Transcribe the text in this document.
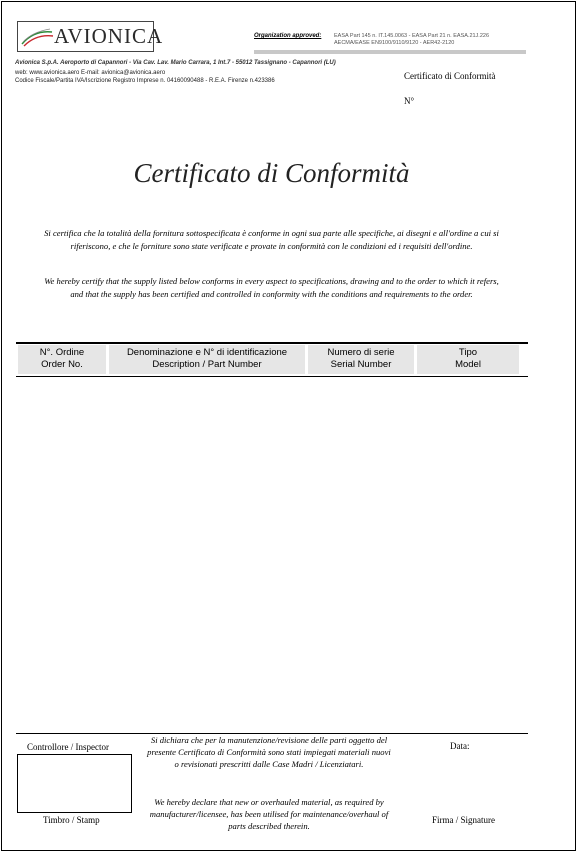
AVIONICA	Organization approved: EASA Part 145 n. IT.145.0063 - EASA Part 21 n. EASA.21J.226 AECMA/EASE EN9100/9110/9120 - AER42-2120
Avionica S.p.A. Aeroporto di Capannori - Via Cav. Lav. Mario Carrara, 1 Int.7 - 55012 Tassignano - Capannori (LU)
web: www.avionica.aero E-mail: avionica@avionica.aero
Codice Fiscale/Partita IVA/Iscrizione Registro Imprese n. 04160090488 - R.E.A. Firenze n.423386	Certificato di Conformità
N°
Certificato di Conformità
Si certifica che la totalità della fornitura sottospecificata è conforme in ogni sua parte alle specifiche, ai disegni e all'ordine a cui si riferiscono, e che le forniture sono state verificate e provate in conformità con le condizioni ed i requisiti dell'ordine.
We hereby certify that the supply listed below conforms in every aspect to specifications, drawing and to the order to which it refers, and that the supply has been certified and controlled in conformity with the conditions and requirements to the order.
N°. Ordine
Order No.
Denominazione e N° di identificazione
Description / Part Number
Numero di serie
Serial Number
Tipo
Model
Controllore / Inspector
Timbro / Stamp
Si dichiara che per la manutenzione/revisione delle parti oggetto del presente Certificato di Conformità sono stati impiegati materiali nuovi o revisionati prescritti dalle Case Madri / Licenziatari.
We hereby declare that new or overhauled material, as required by manufacturer/licensee, has been utilised for maintenance/overhaul of parts described therein.
Data:
Firma / Signature
